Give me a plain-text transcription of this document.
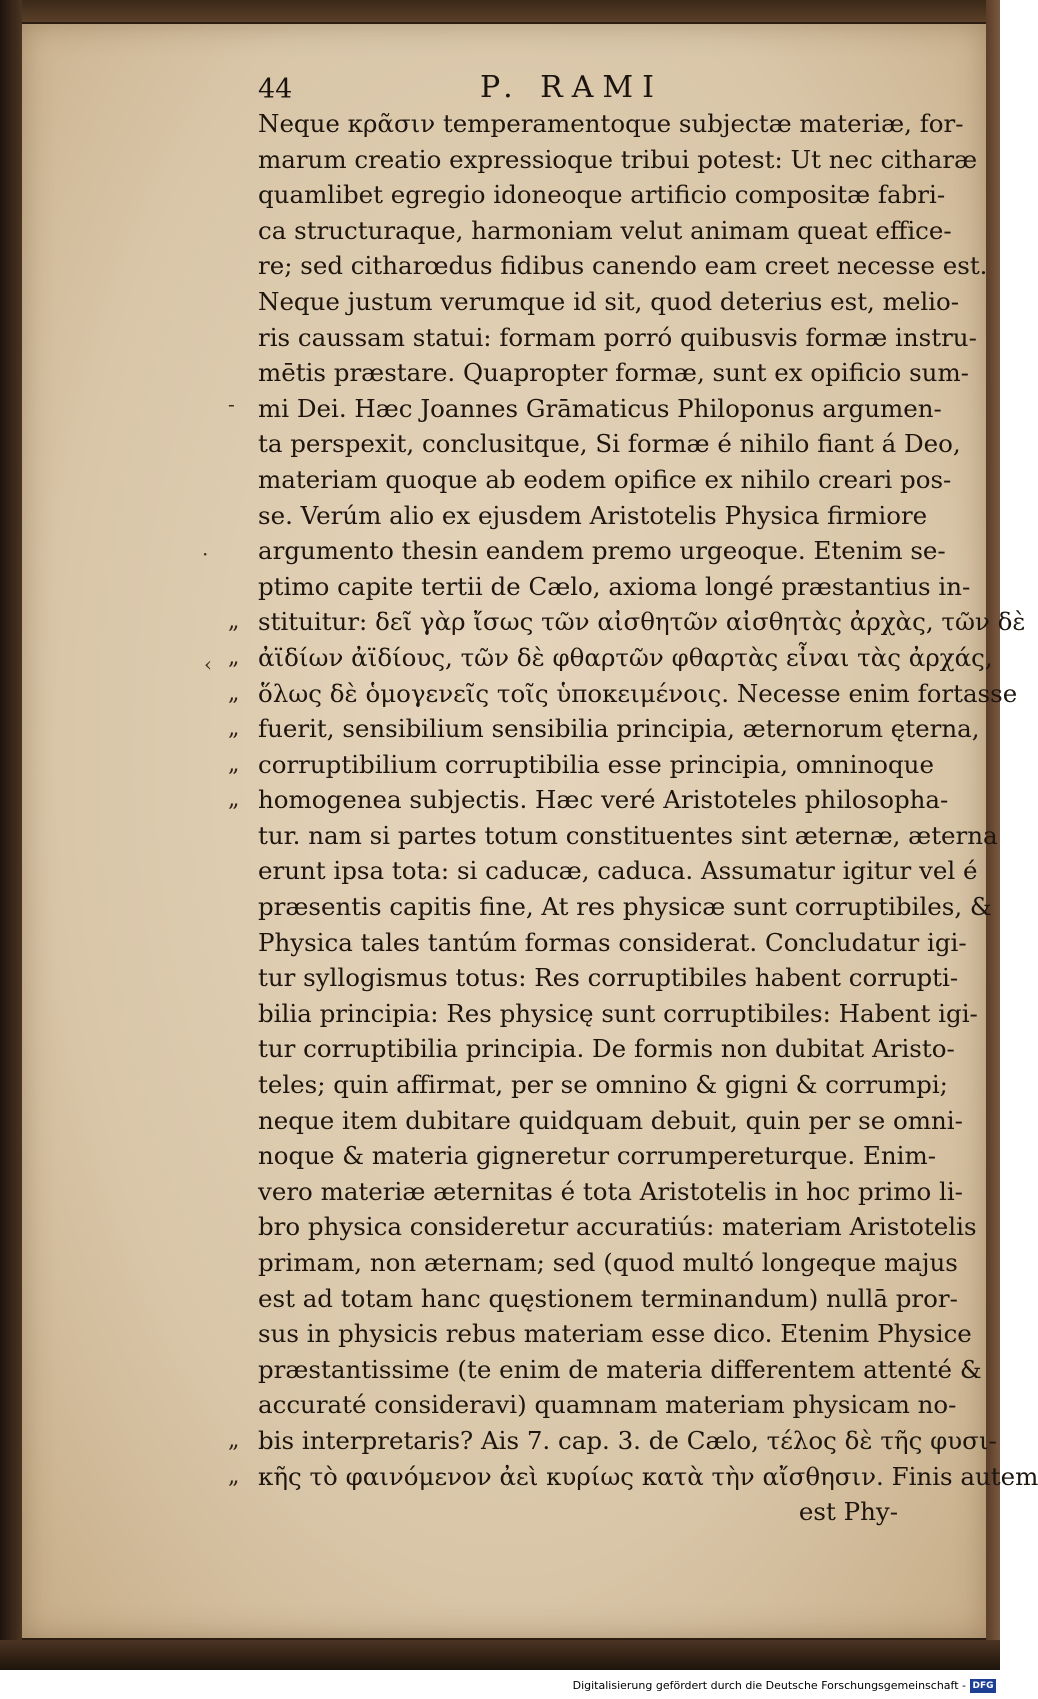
44	P. RAMI
Neque κρᾶσιν temperamentoque subjectæ materiæ, for-
marum creatio expressioque tribui potest: Ut nec citharæ
quamlibet egregio idoneoque artificio compositæ fabri-
ca structuraque, harmoniam velut animam queat effice-
re; sed citharœdus fidibus canendo eam creet necesse est.
Neque justum verumque id sit, quod deterius est, melio-
ris caussam statui: formam porró quibusvis formæ instru-
mētis præstare. Quapropter formæ, sunt ex opificio sum-
mi Dei. Hæc Joannes Grāmaticus Philoponus argumen-
ta perspexit, conclusitque, Si formæ é nihilo fiant á Deo,
materiam quoque ab eodem opifice ex nihilo creari pos-
se. Verúm alio ex ejusdem Aristotelis Physica firmiore
argumento thesin eandem premo urgeoque. Etenim se-
ptimo capite tertii de Cælo, axioma longé præstantius in-
„ stituitur: δεῖ γὰρ ἴσως τῶν αἰσθητῶν αἰσθητὰς ἀρχὰς, τῶν δὲ
„ ἀϊδίων ἀϊδίους, τῶν δὲ φθαρτῶν φθαρτὰς εἶναι τὰς ἀρχάς,
„ ὅλως δὲ ὁμογενεῖς τοῖς ὑποκειμένοις. Necesse enim fortasse
„ fuerit, sensibilium sensibilia principia, æternorum ęterna,
„ corruptibilium corruptibilia esse principia, omninoque
„ homogenea subjectis. Hæc veré Aristoteles philosopha-
tur. nam si partes totum constituentes sint æternæ, æterna
erunt ipsa tota: si caducæ, caduca. Assumatur igitur vel é
præsentis capitis fine, At res physicæ sunt corruptibiles, &
Physica tales tantúm formas considerat. Concludatur igi-
tur syllogismus totus: Res corruptibiles habent corrupti-
bilia principia: Res physicę sunt corruptibiles: Habent igi-
tur corruptibilia principia. De formis non dubitat Aristo-
teles; quin affirmat, per se omnino & gigni & corrumpi;
neque item dubitare quidquam debuit, quin per se omni-
noque & materia gigneretur corrumpereturque. Enim-
vero materiæ æternitas é tota Aristotelis in hoc primo li-
bro physica consideretur accuratiús: materiam Aristotelis
primam, non æternam; sed (quod multó longeque majus
est ad totam hanc quęstionem terminandum) nullā pror-
sus in physicis rebus materiam esse dico. Etenim Physice
præstantissime (te enim de materia differentem attenté &
accuraté consideravi) quamnam materiam physicam no-
„ bis interpretaris? Ais 7. cap. 3. de Cælo, τέλος δὲ τῆς φυσι-
„ κῆς τὸ φαινόμενον ἀεὶ κυρίως κατὰ τὴν αἴσθησιν. Finis autem
est Phy-
·
‹
-
Digitalisierung gefördert durch die Deutsche Forschungsgemeinschaft - DFG
